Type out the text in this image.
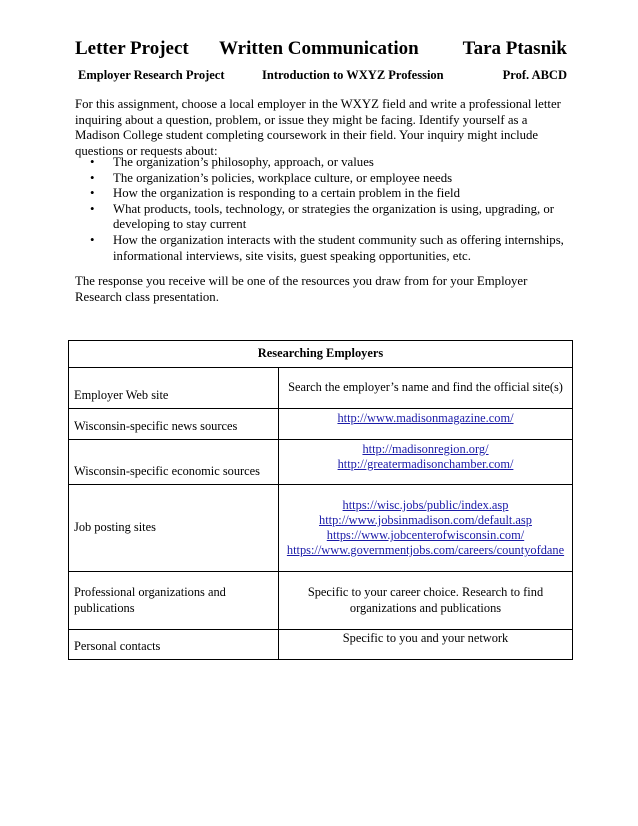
Letter Project Written Communication Tara Ptasnik
Employer Research Project	Introduction to WXYZ Profession	Prof. ABCD
For this assignment, choose a local employer in the WXYZ field and write a professional letter inquiring about a question, problem, or issue they might be facing. Identify yourself as a Madison College student completing coursework in their field. Your inquiry might include questions or requests about:
• The organization’s philosophy, approach, or values
• The organization’s policies, workplace culture, or employee needs
• How the organization is responding to a certain problem in the field
• What products, tools, technology, or strategies the organization is using, upgrading, or developing to stay current
• How the organization interacts with the student community such as offering internships, informational interviews, site visits, guest speaking opportunities, etc.
The response you receive will be one of the resources you draw from for your Employer Research class presentation.
Researching Employers	
Employer Web site	Search the employer’s name and find the official site(s)
Wisconsin-specific news sources	http://www.madisonmagazine.com/

Wisconsin-specific economic sources	http://madisonregion.org/
http://greatermadisonchamber.com/

Job posting sites	https://wisc.jobs/public/index.asp
http://www.jobsinmadison.com/default.asp
https://www.jobcenterofwisconsin.com/
https://www.governmentjobs.com/careers/countyofdane

Professional organizations and publications	Specific to your career choice. Research to find organizations and publications
Personal contacts	Specific to you and your network
